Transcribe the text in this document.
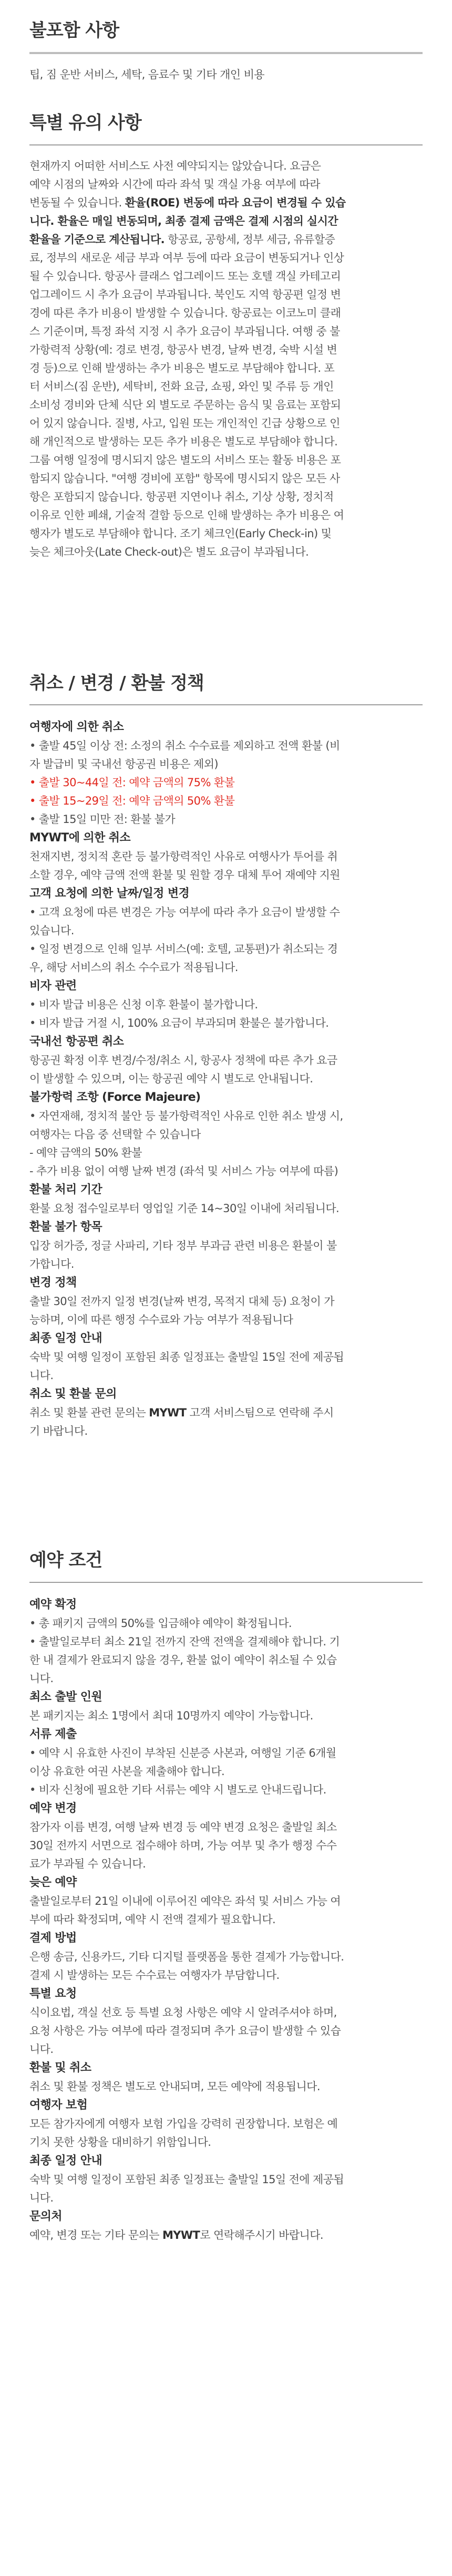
불포함 사항
팁, 짐 운반 서비스, 세탁, 음료수 및 기타 개인 비용
특별 유의 사항
현재까지 어떠한 서비스도 사전 예약되지는 않았습니다. 요금은
예약 시점의 날짜와 시간에 따라 좌석 및 객실 가용 여부에 따라
변동될 수 있습니다. 환율(ROE) 변동에 따라 요금이 변경될 수 있습
니다. 환율은 매일 변동되며, 최종 결제 금액은 결제 시점의 실시간
환율을 기준으로 계산됩니다. 항공료, 공항세, 정부 세금, 유류할증
료, 정부의 새로운 세금 부과 여부 등에 따라 요금이 변동되거나 인상
될 수 있습니다. 항공사 클래스 업그레이드 또는 호텔 객실 카테고리
업그레이드 시 추가 요금이 부과됩니다. 북인도 지역 항공편 일정 변
경에 따른 추가 비용이 발생할 수 있습니다. 항공료는 이코노미 클래
스 기준이며, 특정 좌석 지정 시 추가 요금이 부과됩니다. 여행 중 불
가항력적 상황(예: 경로 변경, 항공사 변경, 날짜 변경, 숙박 시설 변
경 등)으로 인해 발생하는 추가 비용은 별도로 부담해야 합니다. 포
터 서비스(짐 운반), 세탁비, 전화 요금, 쇼핑, 와인 및 주류 등 개인
소비성 경비와 단체 식단 외 별도로 주문하는 음식 및 음료는 포함되
어 있지 않습니다. 질병, 사고, 입원 또는 개인적인 긴급 상황으로 인
해 개인적으로 발생하는 모든 추가 비용은 별도로 부담해야 합니다.
그룹 여행 일정에 명시되지 않은 별도의 서비스 또는 활동 비용은 포
함되지 않습니다. "여행 경비에 포함" 항목에 명시되지 않은 모든 사
항은 포함되지 않습니다. 항공편 지연이나 취소, 기상 상황, 정치적
이유로 인한 폐쇄, 기술적 결함 등으로 인해 발생하는 추가 비용은 여
행자가 별도로 부담해야 합니다. 조기 체크인(Early Check-in) 및
늦은 체크아웃(Late Check-out)은 별도 요금이 부과됩니다.
취소 / 변경 / 환불 정책
여행자에 의한 취소
• 출발 45일 이상 전: 소정의 취소 수수료를 제외하고 전액 환불 (비
자 발급비 및 국내선 항공권 비용은 제외)
• 출발 30~44일 전: 예약 금액의 75% 환불
• 출발 15~29일 전: 예약 금액의 50% 환불
• 출발 15일 미만 전: 환불 불가
MYWT에 의한 취소
천재지변, 정치적 혼란 등 불가항력적인 사유로 여행사가 투어를 취
소할 경우, 예약 금액 전액 환불 및 원할 경우 대체 투어 재예약 지원
고객 요청에 의한 날짜/일정 변경
• 고객 요청에 따른 변경은 가능 여부에 따라 추가 요금이 발생할 수
있습니다.
• 일정 변경으로 인해 일부 서비스(예: 호텔, 교통편)가 취소되는 경
우, 해당 서비스의 취소 수수료가 적용됩니다.
비자 관련
• 비자 발급 비용은 신청 이후 환불이 불가합니다.
• 비자 발급 거절 시, 100% 요금이 부과되며 환불은 불가합니다.
국내선 항공편 취소
항공권 확정 이후 변경/수정/취소 시, 항공사 정책에 따른 추가 요금
이 발생할 수 있으며, 이는 항공권 예약 시 별도로 안내됩니다.
불가항력 조항 (Force Majeure)
• 자연재해, 정치적 불안 등 불가항력적인 사유로 인한 취소 발생 시,
여행자는 다음 중 선택할 수 있습니다
- 예약 금액의 50% 환불
- 추가 비용 없이 여행 날짜 변경 (좌석 및 서비스 가능 여부에 따름)
환불 처리 기간
환불 요청 접수일로부터 영업일 기준 14~30일 이내에 처리됩니다.
환불 불가 항목
입장 허가증, 정글 사파리, 기타 정부 부과금 관련 비용은 환불이 불
가합니다.
변경 정책
출발 30일 전까지 일정 변경(날짜 변경, 목적지 대체 등) 요청이 가
능하며, 이에 따른 행정 수수료와 가능 여부가 적용됩니다
최종 일정 안내
숙박 및 여행 일정이 포함된 최종 일정표는 출발일 15일 전에 제공됩
니다.
취소 및 환불 문의
취소 및 환불 관련 문의는 MYWT 고객 서비스팀으로 연락해 주시
기 바랍니다.
예약 조건
예약 확정
• 총 패키지 금액의 50%를 입금해야 예약이 확정됩니다.
• 출발일로부터 최소 21일 전까지 잔액 전액을 결제해야 합니다. 기
한 내 결제가 완료되지 않을 경우, 환불 없이 예약이 취소될 수 있습
니다.
최소 출발 인원
본 패키지는 최소 1명에서 최대 10명까지 예약이 가능합니다.
서류 제출
• 예약 시 유효한 사진이 부착된 신분증 사본과, 여행일 기준 6개월
이상 유효한 여권 사본을 제출해야 합니다.
• 비자 신청에 필요한 기타 서류는 예약 시 별도로 안내드립니다.
예약 변경
참가자 이름 변경, 여행 날짜 변경 등 예약 변경 요청은 출발일 최소
30일 전까지 서면으로 접수해야 하며, 가능 여부 및 추가 행정 수수
료가 부과될 수 있습니다.
늦은 예약
출발일로부터 21일 이내에 이루어진 예약은 좌석 및 서비스 가능 여
부에 따라 확정되며, 예약 시 전액 결제가 필요합니다.
결제 방법
은행 송금, 신용카드, 기타 디지털 플랫폼을 통한 결제가 가능합니다.
결제 시 발생하는 모든 수수료는 여행자가 부담합니다.
특별 요청
식이요법, 객실 선호 등 특별 요청 사항은 예약 시 알려주셔야 하며,
요청 사항은 가능 여부에 따라 결정되며 추가 요금이 발생할 수 있습
니다.
환불 및 취소
취소 및 환불 정책은 별도로 안내되며, 모든 예약에 적용됩니다.
여행자 보험
모든 참가자에게 여행자 보험 가입을 강력히 권장합니다. 보험은 예
기치 못한 상황을 대비하기 위함입니다.
최종 일정 안내
숙박 및 여행 일정이 포함된 최종 일정표는 출발일 15일 전에 제공됩
니다.
문의처
예약, 변경 또는 기타 문의는 MYWT로 연락해주시기 바랍니다.
